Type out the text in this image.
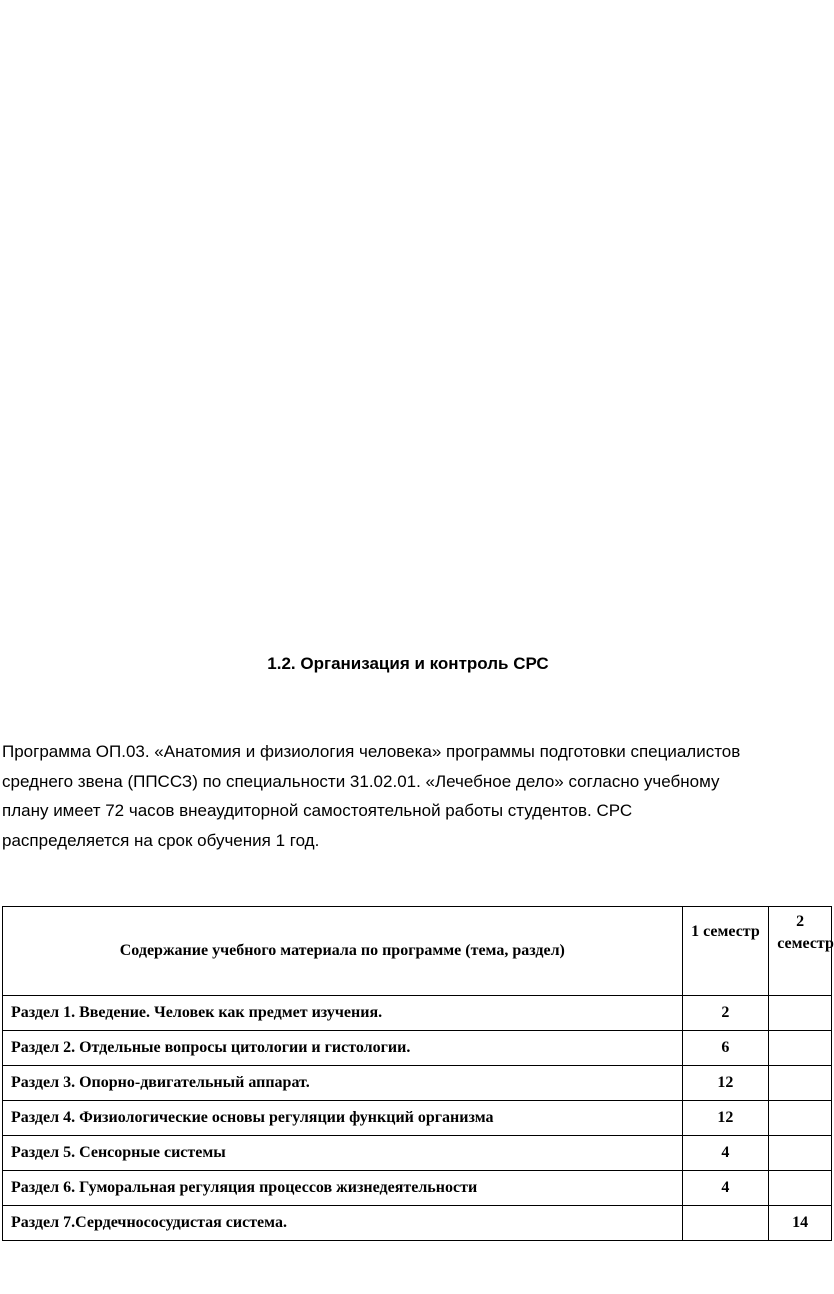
1.2. Организация и контроль СРС
Программа ОП.03. «Анатомия и физиология человека» программы подготовки специалистов
среднего звена (ППССЗ) по специальности 31.02.01. «Лечебное дело» согласно учебному
плану имеет 72 часов внеаудиторной самостоятельной работы студентов. СРС
распределяется на срок обучения 1 год.
Содержание учебного материала по программе (тема, раздел)	1 семестр	2
семестр

Раздел 1. Введение. Человек как предмет изучения.	2	
Раздел 2. Отдельные вопросы цитологии и гистологии.	6	
Раздел 3. Опорно-двигательный аппарат.	12	
Раздел 4. Физиологические основы регуляции функций организма	12	
Раздел 5. Сенсорные системы	4	
Раздел 6. Гуморальная регуляция процессов жизнедеятельности	4	
Раздел 7.Сердечнососудистая система.		14
